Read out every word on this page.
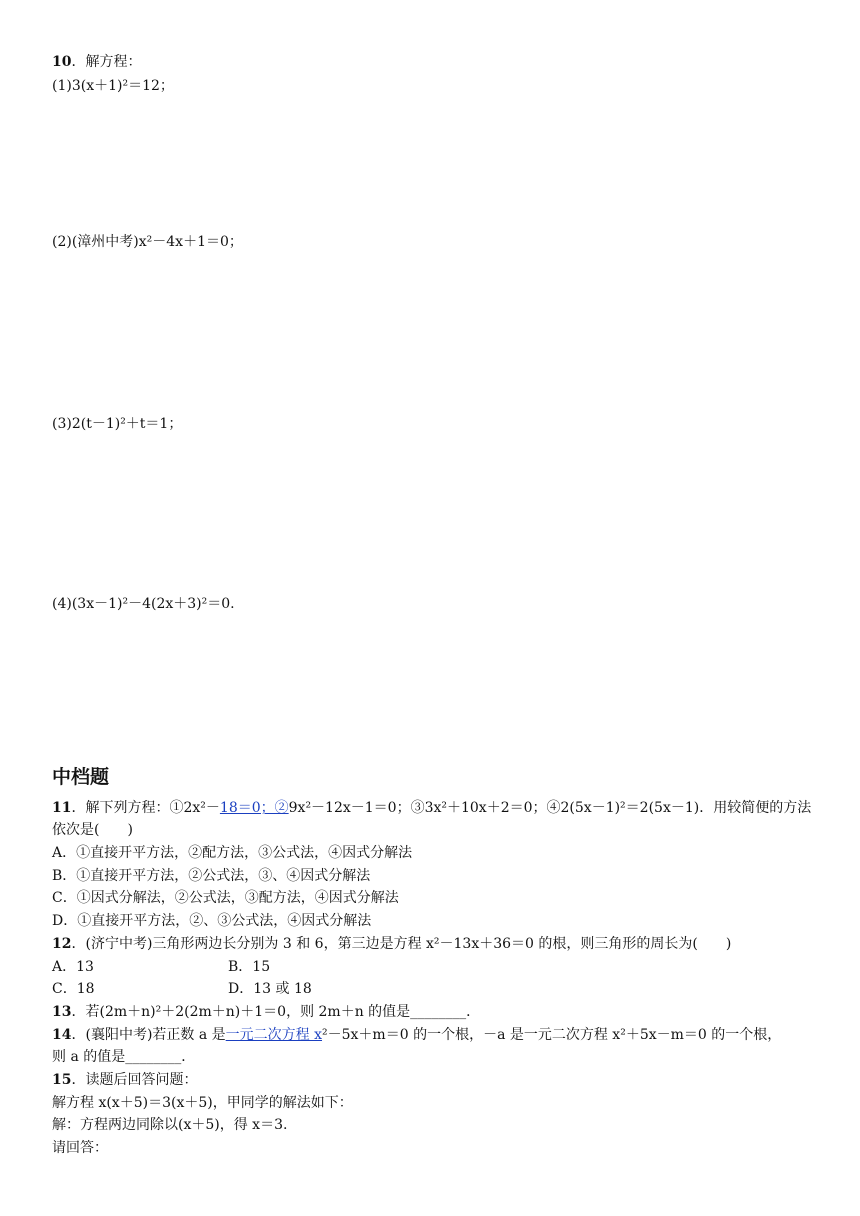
10．解方程：
(1)3(x＋1)²＝12；
(2)(漳州中考)x²－4x＋1＝0；
(3)2(t－1)²＋t＝1；
(4)(3x－1)²－4(2x＋3)²＝0.
中档题
11．解下列方程：①2x²－18＝0；②9x²－12x－1＝0；③3x²＋10x＋2＝0；④2(5x－1)²＝2(5x－1)．用较简便的方法
依次是(　　)
A．①直接开平方法，②配方法，③公式法，④因式分解法
B．①直接开平方法，②公式法，③、④因式分解法
C．①因式分解法，②公式法，③配方法，④因式分解法
D．①直接开平方法，②、③公式法，④因式分解法
12．(济宁中考)三角形两边长分别为 3 和 6，第三边是方程 x²－13x＋36＝0 的根，则三角形的周长为(　　)
A．13	B．15
C．18	D．13 或 18
13．若(2m＋n)²＋2(2m＋n)＋1＝0，则 2m＋n 的值是________．
14．(襄阳中考)若正数 a 是一元二次方程 x²－5x＋m＝0 的一个根，－a 是一元二次方程 x²＋5x－m＝0 的一个根，
则 a 的值是________．
15．读题后回答问题：
解方程 x(x＋5)＝3(x＋5)，甲同学的解法如下：
解：方程两边同除以(x＋5)，得 x＝3.
请回答：
